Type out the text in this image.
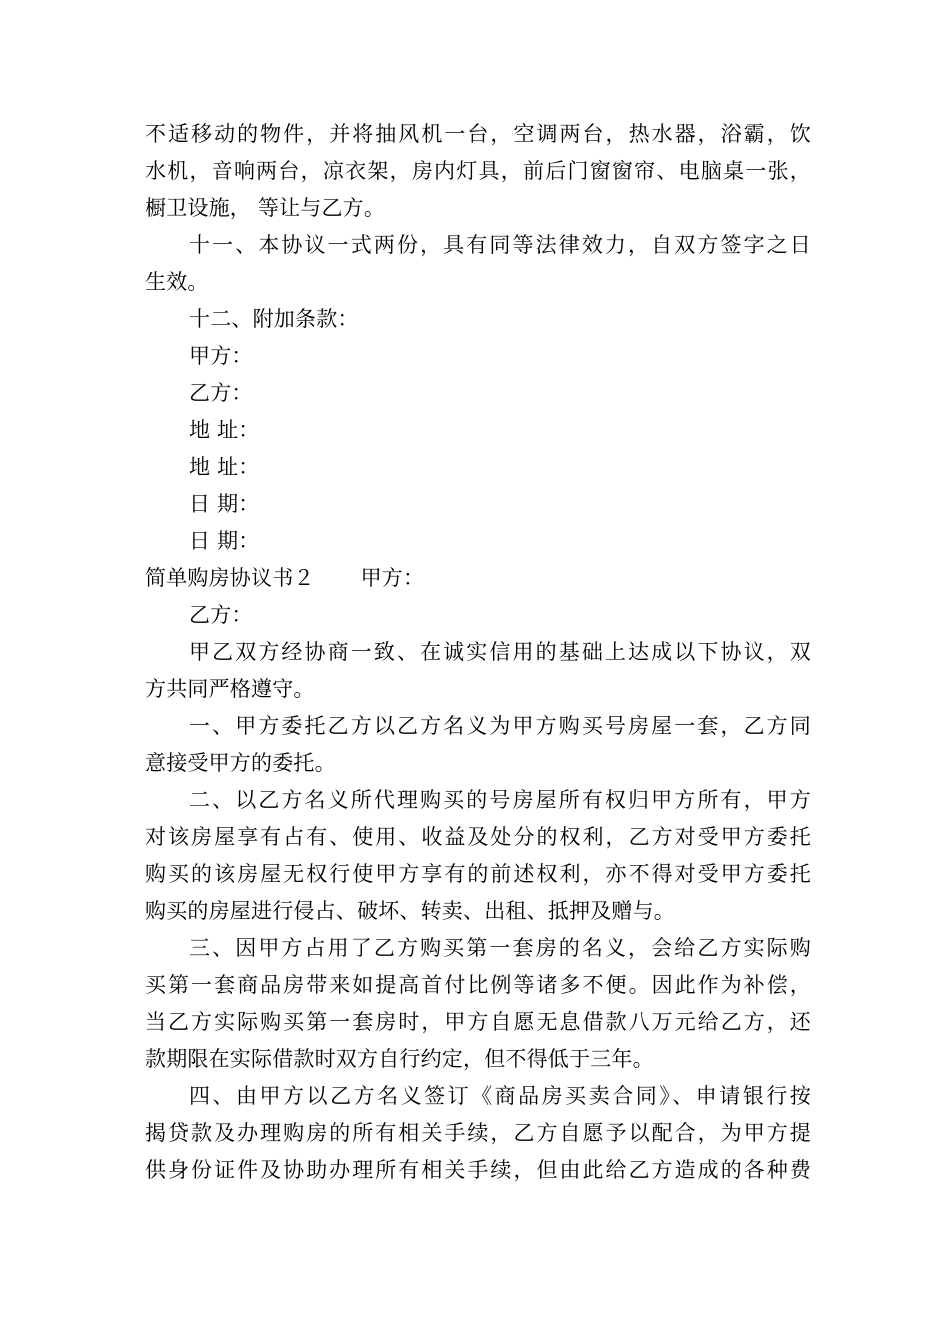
不适移动的物件，并将抽风机一台，空调两台，热水器，浴霸，饮
水机，音响两台，凉衣架，房内灯具，前后门窗窗帘、电脑桌一张，
橱卫设施， 等让与乙方。
十一、本协议一式两份，具有同等法律效力，自双方签字之日
生效。
十二、附加条款：
甲方：
乙方：
地 址：
地 址：
日 期：
日 期：
简单购房协议书２ 甲方：
乙方：
甲乙双方经协商一致、在诚实信用的基础上达成以下协议，双
方共同严格遵守。
一、甲方委托乙方以乙方名义为甲方购买号房屋一套，乙方同
意接受甲方的委托。
二、以乙方名义所代理购买的号房屋所有权归甲方所有，甲方
对该房屋享有占有、使用、收益及处分的权利，乙方对受甲方委托
购买的该房屋无权行使甲方享有的前述权利，亦不得对受甲方委托
购买的房屋进行侵占、破坏、转卖、出租、抵押及赠与。
三、因甲方占用了乙方购买第一套房的名义，会给乙方实际购
买第一套商品房带来如提高首付比例等诸多不便。因此作为补偿，
当乙方实际购买第一套房时，甲方自愿无息借款八万元给乙方，还
款期限在实际借款时双方自行约定，但不得低于三年。
四、由甲方以乙方名义签订《商品房买卖合同》、申请银行按
揭贷款及办理购房的所有相关手续，乙方自愿予以配合，为甲方提
供身份证件及协助办理所有相关手续，但由此给乙方造成的各种费
